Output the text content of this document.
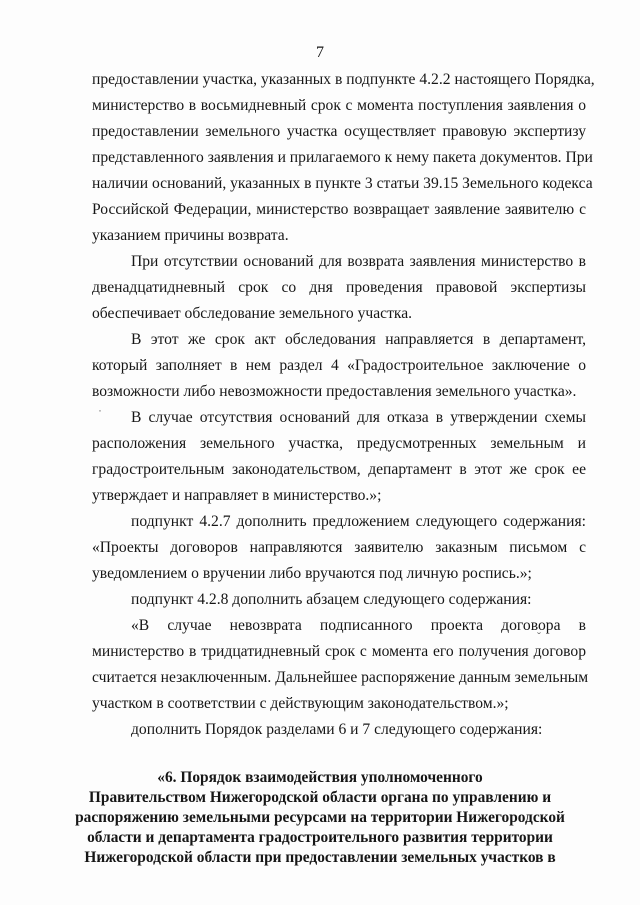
7
предоставлении участка, указанных в подпункте 4.2.2 настоящего Порядка,
министерство в восьмидневный срок с момента поступления заявления о
предоставлении земельного участка осуществляет правовую экспертизу
представленного заявления и прилагаемого к нему пакета документов. При
наличии оснований, указанных в пункте 3 статьи 39.15 Земельного кодекса
Российской Федерации, министерство возвращает заявление заявителю с
указанием причины возврата.
При отсутствии оснований для возврата заявления министерство в
двенадцатидневный срок со дня проведения правовой экспертизы
обеспечивает обследование земельного участка.
В этот же срок акт обследования направляется в департамент,
который заполняет в нем раздел 4 «Градостроительное заключение о
возможности либо невозможности предоставления земельного участка».
В случае отсутствия оснований для отказа в утверждении схемы
расположения земельного участка, предусмотренных земельным и
градостроительным законодательством, департамент в этот же срок ее
утверждает и направляет в министерство.»;
подпункт 4.2.7 дополнить предложением следующего содержания:
«Проекты договоров направляются заявителю заказным письмом с
уведомлением о вручении либо вручаются под личную роспись.»;
подпункт 4.2.8 дополнить абзацем следующего содержания:
«В случае невозврата подписанного проекта договора в
министерство в тридцатидневный срок с момента его получения договор
считается незаключенным. Дальнейшее распоряжение данным земельным
участком в соответствии с действующим законодательством.»;
дополнить Порядок разделами 6 и 7 следующего содержания:
«6. Порядок взаимодействия уполномоченного
Правительством Нижегородской области органа по управлению и
распоряжению земельными ресурсами на территории Нижегородской
области и департамента градостроительного развития территории
Нижегородской области при предоставлении земельных участков в
·
ˇ
